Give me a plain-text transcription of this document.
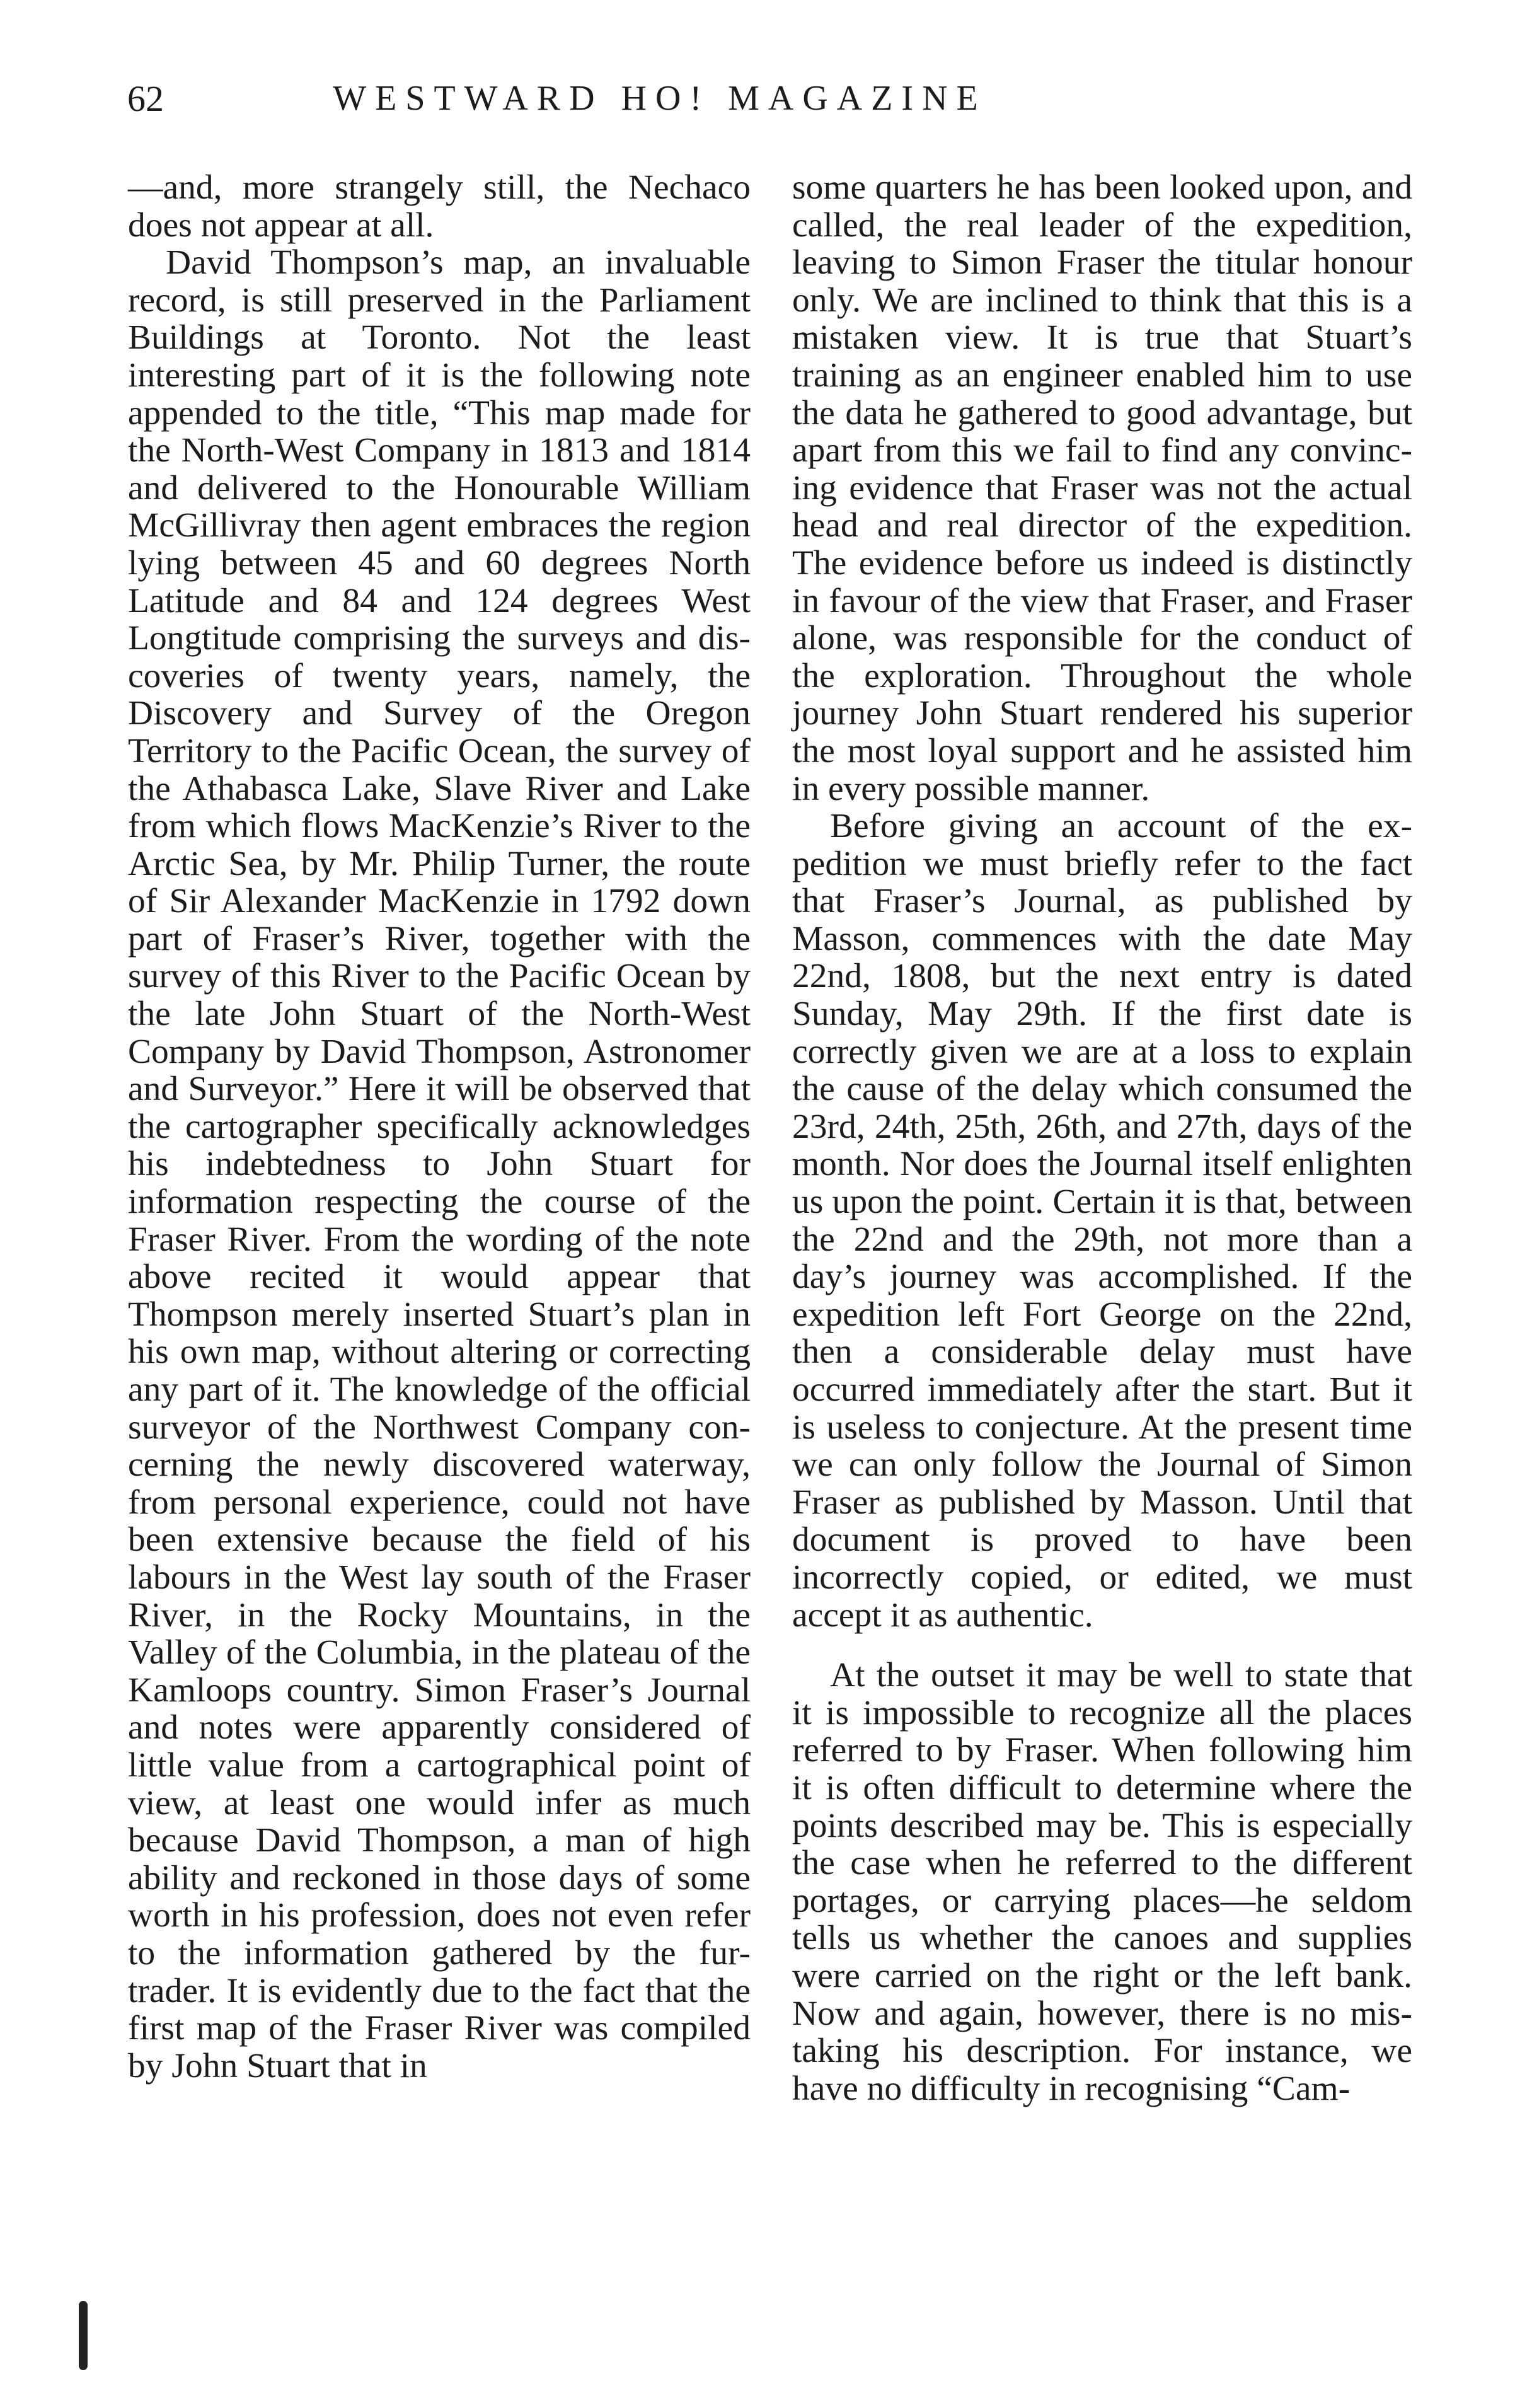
62	WESTWARD HO! MAGAZINE

—and, more strangely still, the Nechaco does not appear at all.

David Thompson’s map, an invaluable record, is still preserved in the Parliament Buildings at Toronto. Not the least interesting part of it is the following note appended to the title, “This map made for the North-West Company in 1813 and 1814 and delivered to the Honourable William McGillivray then agent embraces the region lying between 45 and 60 degrees North Latitude and 84 and 124 degrees West Longtitude comprising the surveys and discoveries of twenty years, namely, the Discovery and Survey of the Oregon Territory to the Pacific Ocean, the survey of the Athabasca Lake, Slave River and Lake from which flows MacKenzie’s River to the Arctic Sea, by Mr. Philip Turner, the route of Sir Alexander MacKenzie in 1792 down part of Fraser’s River, together with the survey of this River to the Pacific Ocean by the late John Stuart of the North-West Company by David Thompson, Astronomer and Surveyor.” Here it will be observed that the cartographer specifically acknowledges his indebtedness to John Stuart for information respecting the course of the Fraser River. From the wording of the note above recited it would appear that Thompson merely inserted Stuart’s plan in his own map, without altering or correcting any part of it. The knowledge of the official surveyor of the Northwest Company concerning the newly discovered waterway, from personal experience, could not have been extensive because the field of his labours in the West lay south of the Fraser River, in the Rocky Mountains, in the Valley of the Columbia, in the plateau of the Kamloops country. Simon Fraser’s Journal and notes were apparently considered of little value from a cartographical point of view, at least one would infer as much because David Thompson, a man of high ability and reckoned in those days of some worth in his profession, does not even refer to the information gathered by the fur-trader. It is evidently due to the fact that the first map of the Fraser River was compiled by John Stuart that in

some quarters he has been looked upon, and called, the real leader of the expedition, leaving to Simon Fraser the titular honour only. We are inclined to think that this is a mistaken view. It is true that Stuart’s training as an engineer enabled him to use the data he gathered to good advantage, but apart from this we fail to find any convincing evidence that Fraser was not the actual head and real director of the expedition. The evidence before us indeed is distinctly in favour of the view that Fraser, and Fraser alone, was responsible for the conduct of the exploration. Throughout the whole journey John Stuart rendered his superior the most loyal support and he assisted him in every possible manner.

Before giving an account of the expedition we must briefly refer to the fact that Fraser’s Journal, as published by Masson, commences with the date May 22nd, 1808, but the next entry is dated Sunday, May 29th. If the first date is correctly given we are at a loss to explain the cause of the delay which consumed the 23rd, 24th, 25th, 26th, and 27th, days of the month. Nor does the Journal itself enlighten us upon the point. Certain it is that, between the 22nd and the 29th, not more than a day’s journey was accomplished. If the expedition left Fort George on the 22nd, then a considerable delay must have occurred immediately after the start. But it is useless to conjecture. At the present time we can only follow the Journal of Simon Fraser as published by Masson. Until that document is proved to have been incorrectly copied, or edited, we must accept it as authentic.

At the outset it may be well to state that it is impossible to recognize all the places referred to by Fraser. When following him it is often difficult to determine where the points described may be. This is especially the case when he referred to the different portages, or carrying places—he seldom tells us whether the canoes and supplies were carried on the right or the left bank. Now and again, however, there is no mistaking his description. For instance, we have no difficulty in recognising “Cam-
